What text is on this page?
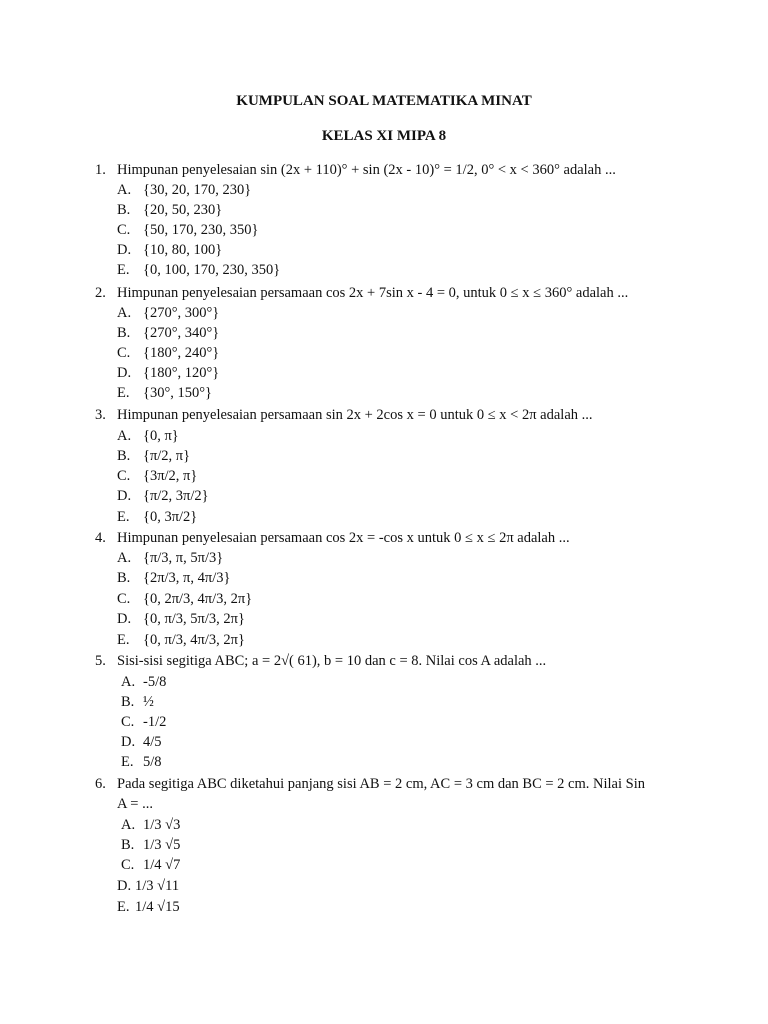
KUMPULAN SOAL MATEMATIKA MINAT
KELAS XI MIPA 8
1. Himpunan penyelesaian sin (2x + 110)° + sin (2x - 10)° = 1/2, 0° < x < 360° adalah ...
A. {30, 20, 170, 230}
B. {20, 50, 230}
C. {50, 170, 230, 350}
D. {10, 80, 100}
E. {0, 100, 170, 230, 350}
2. Himpunan penyelesaian persamaan cos 2x + 7sin x - 4 = 0, untuk 0 ≤ x ≤ 360° adalah ...
A. {270°, 300°}
B. {270°, 340°}
C. {180°, 240°}
D. {180°, 120°}
E. {30°, 150°}
3. Himpunan penyelesaian persamaan sin 2x + 2cos x = 0 untuk 0 ≤ x < 2π adalah ...
A. {0, π}
B. {π/2, π}
C. {3π/2, π}
D. {π/2, 3π/2}
E. {0, 3π/2}
4. Himpunan penyelesaian persamaan cos 2x = -cos x untuk 0 ≤ x ≤ 2π adalah ...
A. {π/3, π, 5π/3}
B. {2π/3, π, 4π/3}
C. {0, 2π/3, 4π/3, 2π}
D. {0, π/3, 5π/3, 2π}
E. {0, π/3, 4π/3, 2π}
5. Sisi-sisi segitiga ABC; a = 2√( 61), b = 10 dan c = 8. Nilai cos A adalah ...
A. -5/8
B. ½
C. -1/2
D. 4/5
E. 5/8
6. Pada segitiga ABC diketahui panjang sisi AB = 2 cm, AC = 3 cm dan BC = 2 cm. Nilai Sin
A = ...
A. 1/3 √3
B. 1/3 √5
C. 1/4 √7
D. 1/3 √11
E. 1/4 √15
